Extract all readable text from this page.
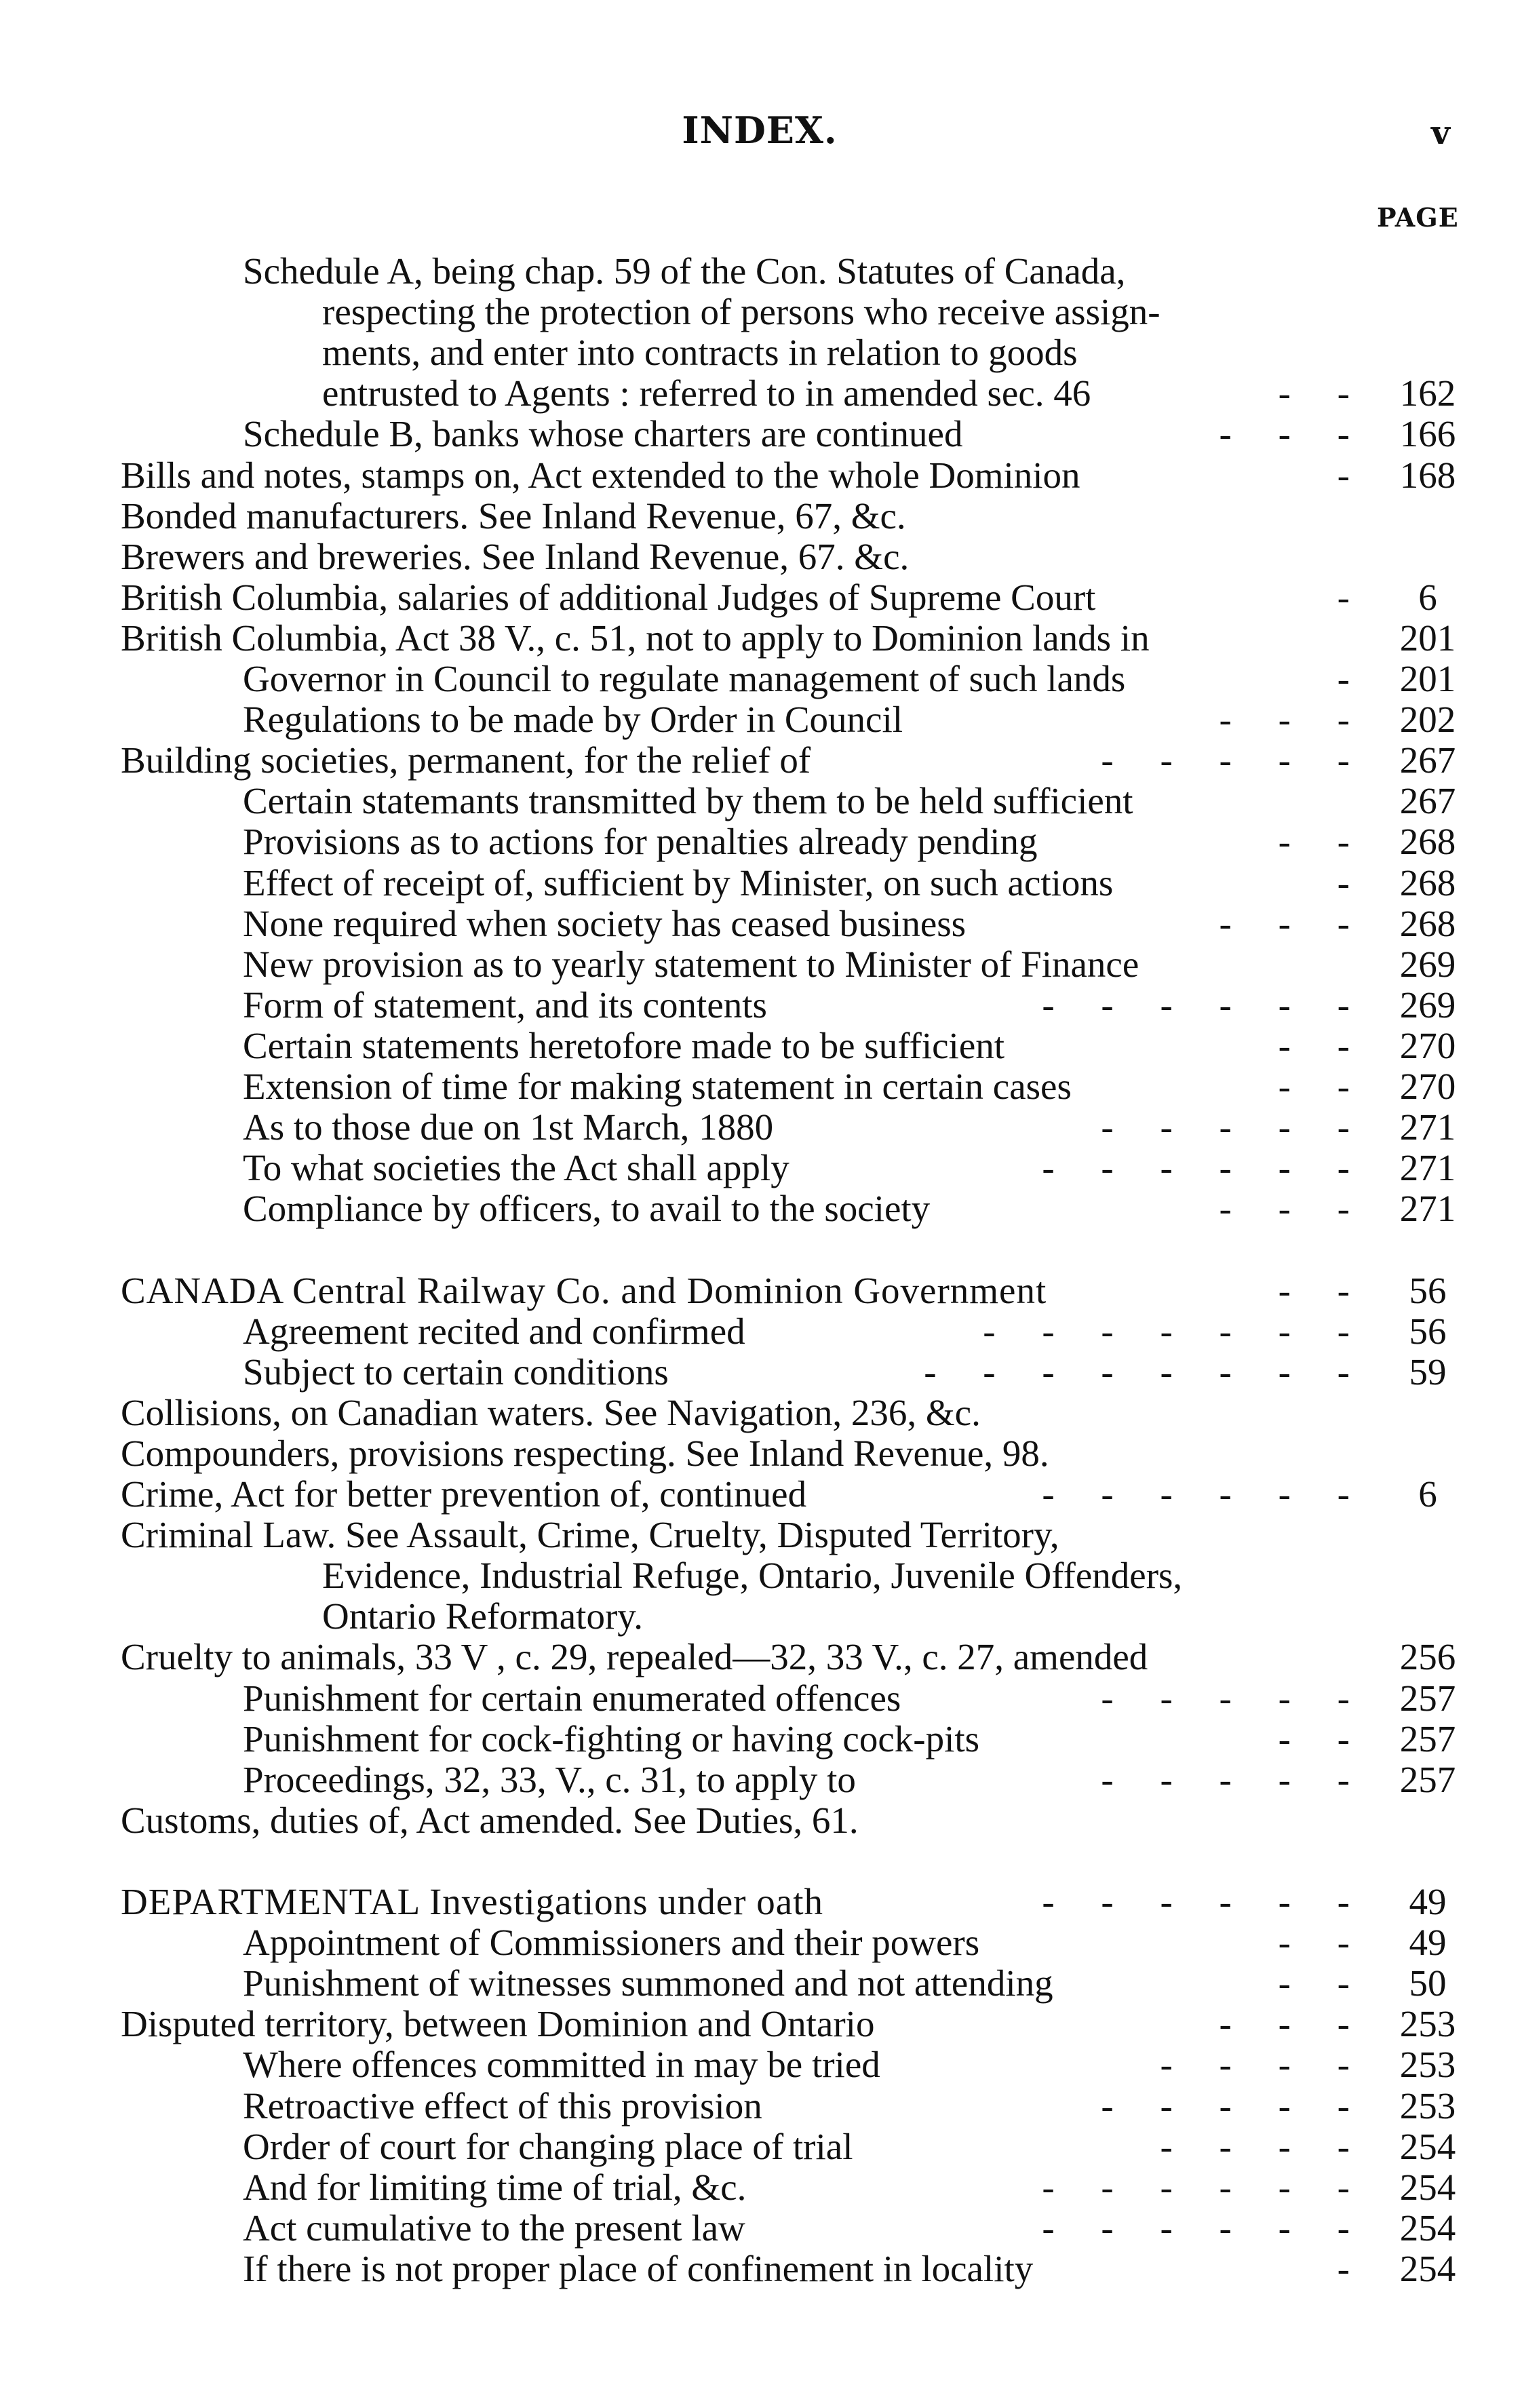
INDEX.	v
PAGE
Schedule A, being chap. 59 of the Con. Statutes of Canada,
respecting the protection of persons who receive assign-
ments, and enter into contracts in relation to goods
entrusted to Agents : referred to in amended sec. 46	-  -	162
Schedule B, banks whose charters are continued	-  -  -	166
Bills and notes, stamps on, Act extended to the whole Dominion	-	168
Bonded manufacturers. See Inland Revenue, 67, &c.
Brewers and breweries. See Inland Revenue, 67. &c.
British Columbia, salaries of additional Judges of Supreme Court	-	6
British Columbia, Act 38 V., c. 51, not to apply to Dominion lands in	201
Governor in Council to regulate management of such lands	-	201
Regulations to be made by Order in Council	-  -  -	202
Building societies, permanent, for the relief of	-  -  -  -  -	267
Certain statemants transmitted by them to be held sufficient	267
Provisions as to actions for penalties already pending	-  -	268
Effect of receipt of, sufficient by Minister, on such actions	-	268
None required when society has ceased business	-  -  -	268
New provision as to yearly statement to Minister of Finance	269
Form of statement, and its contents	-  -  -  -  -  -	269
Certain statements heretofore made to be sufficient	-  -	270
Extension of time for making statement in certain cases	-  -	270
As to those due on 1st March, 1880	-  -  -  -  -	271
To what societies the Act shall apply	-  -  -  -  -  -	271
Compliance by officers, to avail to the society	-  -  -	271
CANADA Central Railway Co. and Dominion Government	-  -	56
Agreement recited and confirmed	-  -  -  -  -  -  -	56
Subject to certain conditions	-  -  -  -  -  -  -  -	59
Collisions, on Canadian waters. See Navigation, 236, &c.
Compounders, provisions respecting. See Inland Revenue, 98.
Crime, Act for better prevention of, continued	-  -  -  -  -  -	6
Criminal Law. See Assault, Crime, Cruelty, Disputed Territory,
Evidence, Industrial Refuge, Ontario, Juvenile Offenders,
Ontario Reformatory.
Cruelty to animals, 33 V , c. 29, repealed—32, 33 V., c. 27, amended	256
Punishment for certain enumerated offences	-  -  -  -  -	257
Punishment for cock-fighting or having cock-pits	-  -	257
Proceedings, 32, 33, V., c. 31, to apply to	-  -  -  -  -	257
Customs, duties of, Act amended. See Duties, 61.
DEPARTMENTAL Investigations under oath	-  -  -  -  -  -	49
Appointment of Commissioners and their powers	-  -	49
Punishment of witnesses summoned and not attending	-  -	50
Disputed territory, between Dominion and Ontario	-  -  -	253
Where offences committed in may be tried	-  -  -  -	253
Retroactive effect of this provision	-  -  -  -  -	253
Order of court for changing place of trial	-  -  -  -	254
And for limiting time of trial, &c.	-  -  -  -  -  -	254
Act cumulative to the present law	-  -  -  -  -  -	254
If there is not proper place of confinement in locality	-	254
